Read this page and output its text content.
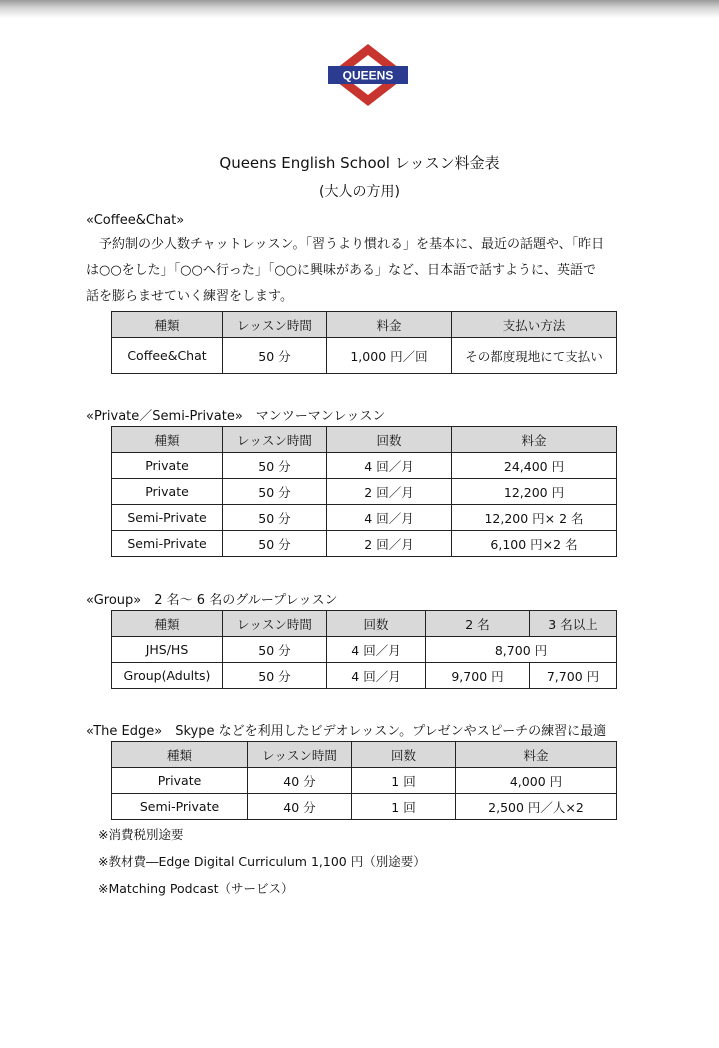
QUEENS
Queens English School レッスン料金表
(大人の方用)
«Coffee&Chat»

　予約制の少人数チャットレッスン。「習うより慣れる」を基本に、最近の話題や、「昨日

は○○をした」「○○へ行った」「○○に興味がある」など、日本語で話すように、英語で

話を膨らませていく練習をします。

種類	レッスン時間	料金	支払い方法
Coffee&Chat	50 分	1,000 円／回	その都度現地にて支払い
«Private／Semi-Private»　マンツーマンレッスン
種類	レッスン時間	回数	料金
Private	50 分	4 回／月	24,400 円
Private	50 分	2 回／月	12,200 円
Semi-Private	50 分	4 回／月	12,200 円× 2 名
Semi-Private	50 分	2 回／月	6,100 円×2 名
«Group»　2 名～ 6 名のグループレッスン
種類	レッスン時間	回数	2 名	3 名以上
JHS/HS	50 分	4 回／月	8,700 円	
Group(Adults)	50 分	4 回／月	9,700 円	7,700 円
«The Edge»　Skype などを利用したビデオレッスン。プレゼンやスピーチの練習に最適
種類	レッスン時間	回数	料金
Private	40 分	1 回	4,000 円
Semi-Private	40 分	1 回	2,500 円／人×2
※消費税別途要
※教材費―Edge Digital Curriculum 1,100 円（別途要）
※Matching Podcast（サービス）
